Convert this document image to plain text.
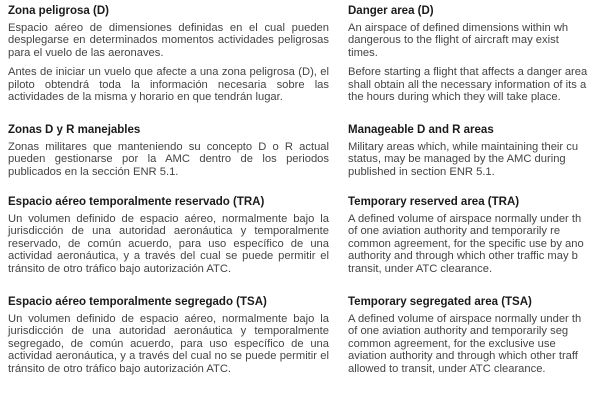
Zona peligrosa (D)

Espacio aéreo de dimensiones definidas en el cual pueden desplegarse en determinados momentos actividades peligrosas para el vuelo de las aeronaves.

Antes de iniciar un vuelo que afecte a una zona peligrosa (D), el piloto obtendrá toda la información necesaria sobre las actividades de la misma y horario en que tendrán lugar.

Zonas D y R manejables

Zonas militares que manteniendo su concepto D o R actual pueden gestionarse por la AMC dentro de los periodos publicados en la sección ENR 5.1.

Espacio aéreo temporalmente reservado (TRA)

Un volumen definido de espacio aéreo, normalmente bajo la jurisdicción de una autoridad aeronáutica y temporalmente reservado, de común acuerdo, para uso específico de una actividad aeronáutica, y a través del cual se puede permitir el tránsito de otro tráfico bajo autorización ATC.

Espacio aéreo temporalmente segregado (TSA)

Un volumen definido de espacio aéreo, normalmente bajo la jurisdicción de una autoridad aeronáutica y temporalmente segregado, de común acuerdo, para uso específico de una actividad aeronáutica, y a través del cual no se puede permitir el tránsito de otro tráfico bajo autorización ATC.

Danger area (D)

An airspace of defined dimensions within wh
dangerous to the flight of aircraft may exist
times.

Before starting a flight that affects a danger area
shall obtain all the necessary information of its a
the hours during which they will take place.

Manageable D and R areas

Military areas which, while maintaining their cu
status, may be managed by the AMC during
published in section ENR 5.1.

Temporary reserved area (TRA)

A defined volume of airspace normally under th
of one aviation authority and temporarily re
common agreement, for the specific use by ano
authority and through which other traffic may b
transit, under ATC clearance.

Temporary segregated area (TSA)

A defined volume of airspace normally under th
of one aviation authority and temporarily seg
common agreement, for the exclusive use
aviation authority and through which other traff
allowed to transit, under ATC clearance.
